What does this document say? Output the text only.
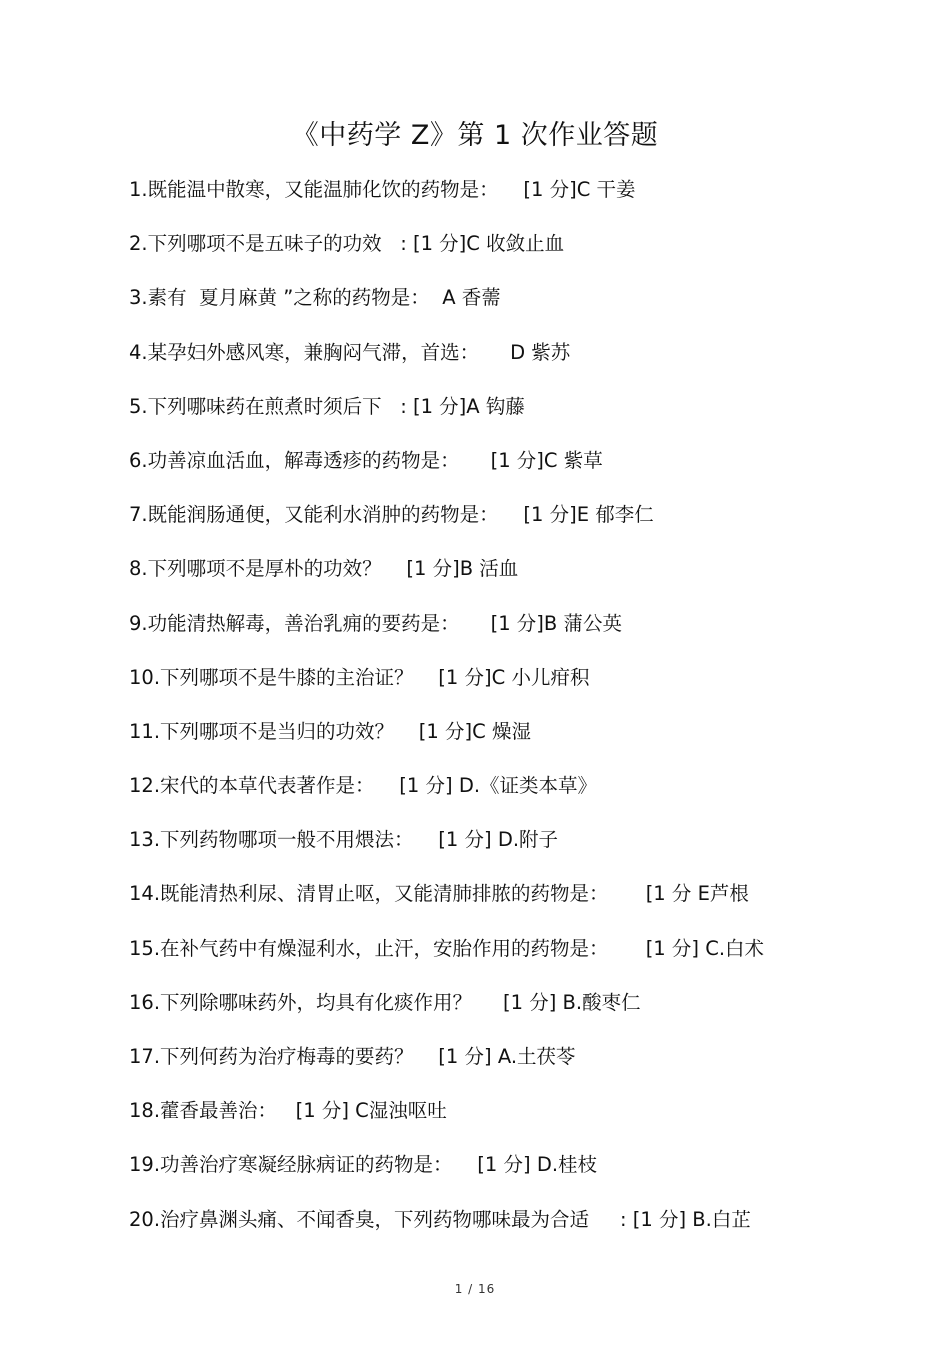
《中药学 Z》第 1 次作业答题
1.既能温中散寒，又能温肺化饮的药物是：    [1 分]C 干姜
2.下列哪项不是五味子的功效   : [1 分]C 收敛止血
3.素有  夏月麻黄 ”之称的药物是：  A 香薷
4.某孕妇外感风寒，兼胸闷气滞，首选：     D 紫苏
5.下列哪味药在煎煮时须后下   : [1 分]A 钩藤
6.功善凉血活血，解毒透疹的药物是：     [1 分]C 紫草
7.既能润肠通便，又能利水消肿的药物是：    [1 分]E 郁李仁
8.下列哪项不是厚朴的功效？    [1 分]B 活血
9.功能清热解毒，善治乳痈的要药是：     [1 分]B 蒲公英
10.下列哪项不是牛膝的主治证？    [1 分]C 小儿疳积
11.下列哪项不是当归的功效？    [1 分]C 燥湿
12.宋代的本草代表著作是：    [1 分] D.《证类本草》
13.下列药物哪项一般不用煨法：    [1 分] D.附子
14.既能清热利尿、清胃止呕，又能清肺排脓的药物是：      [1 分 E芦根
15.在补气药中有燥湿利水，止汗，安胎作用的药物是：      [1 分] C.白术
16.下列除哪味药外，均具有化痰作用？     [1 分] B.酸枣仁
17.下列何药为治疗梅毒的要药？    [1 分] A.土茯苓
18.藿香最善治：   [1 分] C湿浊呕吐
19.功善治疗寒凝经脉病证的药物是：    [1 分] D.桂枝
20.治疗鼻渊头痛、不闻香臭，下列药物哪味最为合适     : [1 分] B.白芷
1 / 16
